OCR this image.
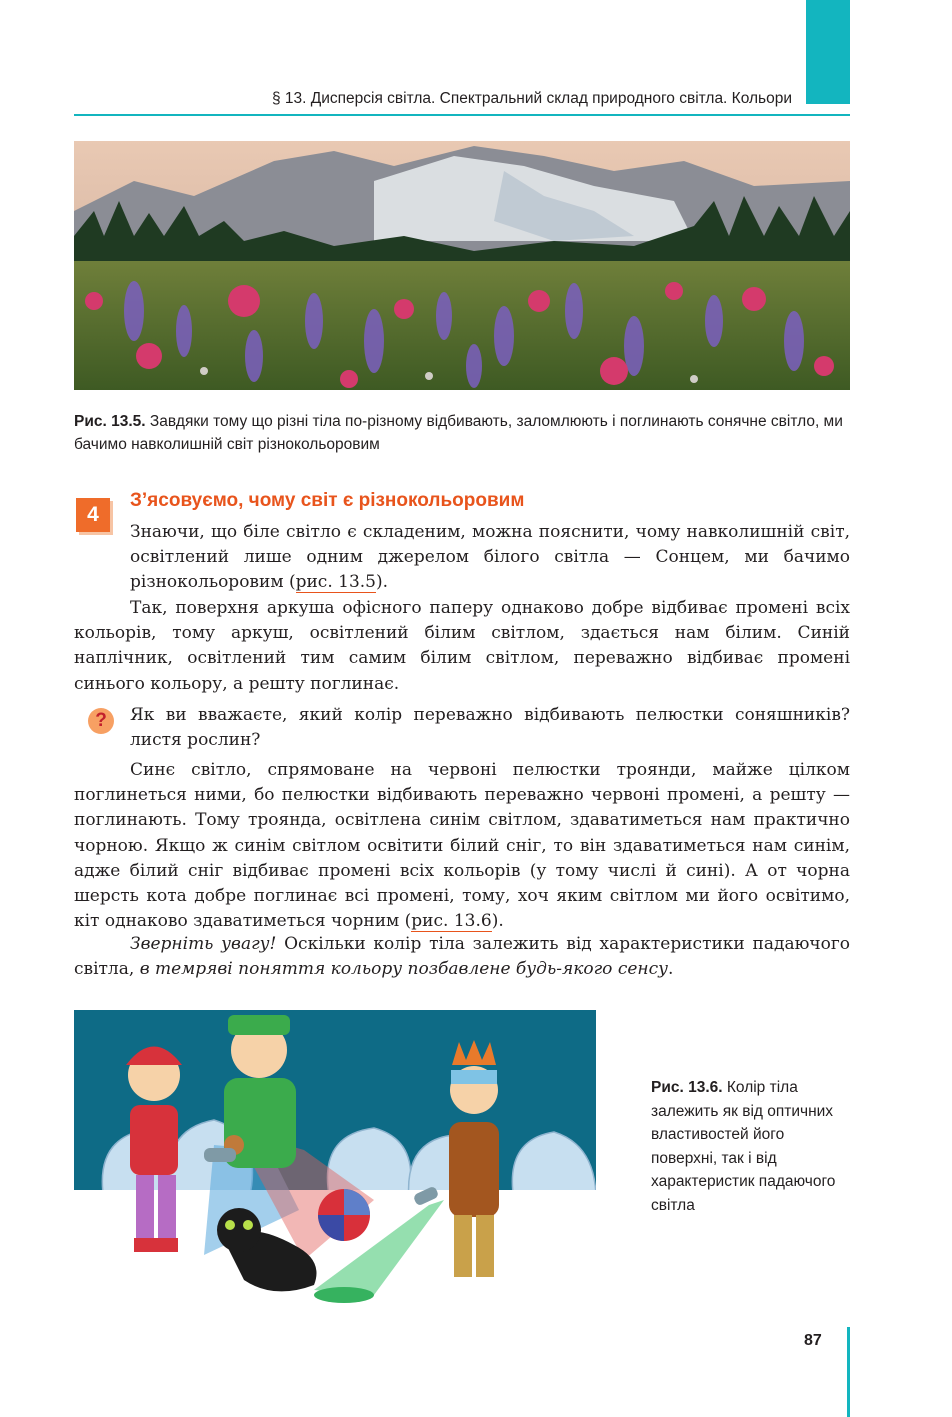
§ 13. Дисперсія світла. Спектральний склад природного світла. Кольори
Рис. 13.5. Завдяки тому що різні тіла по-різному відбивають, заломлюють і поглинають сонячне світло, ми бачимо навколишній світ різнокольоровим
4
З’ясовуємо, чому світ є різнокольоровим

Знаючи, що біле світло є складеним, можна пояснити, чому навколишній світ, освітлений лише одним джерелом білого світла — Сонцем, ми бачимо різнокольоровим (рис. 13.5).

Так, поверхня аркуша офісного паперу однаково добре відбиває промені всіх кольорів, тому аркуш, освітлений білим світлом, здається нам білим. Синій наплічник, освітлений тим самим білим світлом, переважно відбиває промені синього кольору, а решту поглинає.

?	Як ви вважаєте, який колір переважно відбивають пелюстки соняшників? листя рослин?

Синє світло, спрямоване на червоні пелюстки троянди, майже цілком поглинеться ними, бо пелюстки відбивають переважно червоні промені, а решту — поглинають. Тому троянда, освітлена синім світлом, здаватиметься нам практично чорною. Якщо ж синім світлом освітити білий сніг, то він здаватиметься нам синім, адже білий сніг відбиває промені всіх кольорів (у тому числі й сині). А от чорна шерсть кота добре поглинає всі промені, тому, хоч яким світлом ми його освітимо, кіт однаково здаватиметься чорним (рис. 13.6).

Зверніть увагу! Оскільки колір тіла залежить від характеристики падаючого світла, в темряві поняття кольору позбавлене будь-якого сенсу.

Рис. 13.6. Колір тіла залежить як від оптичних властивостей його поверхні, так і від характеристик падаючого світла
87
